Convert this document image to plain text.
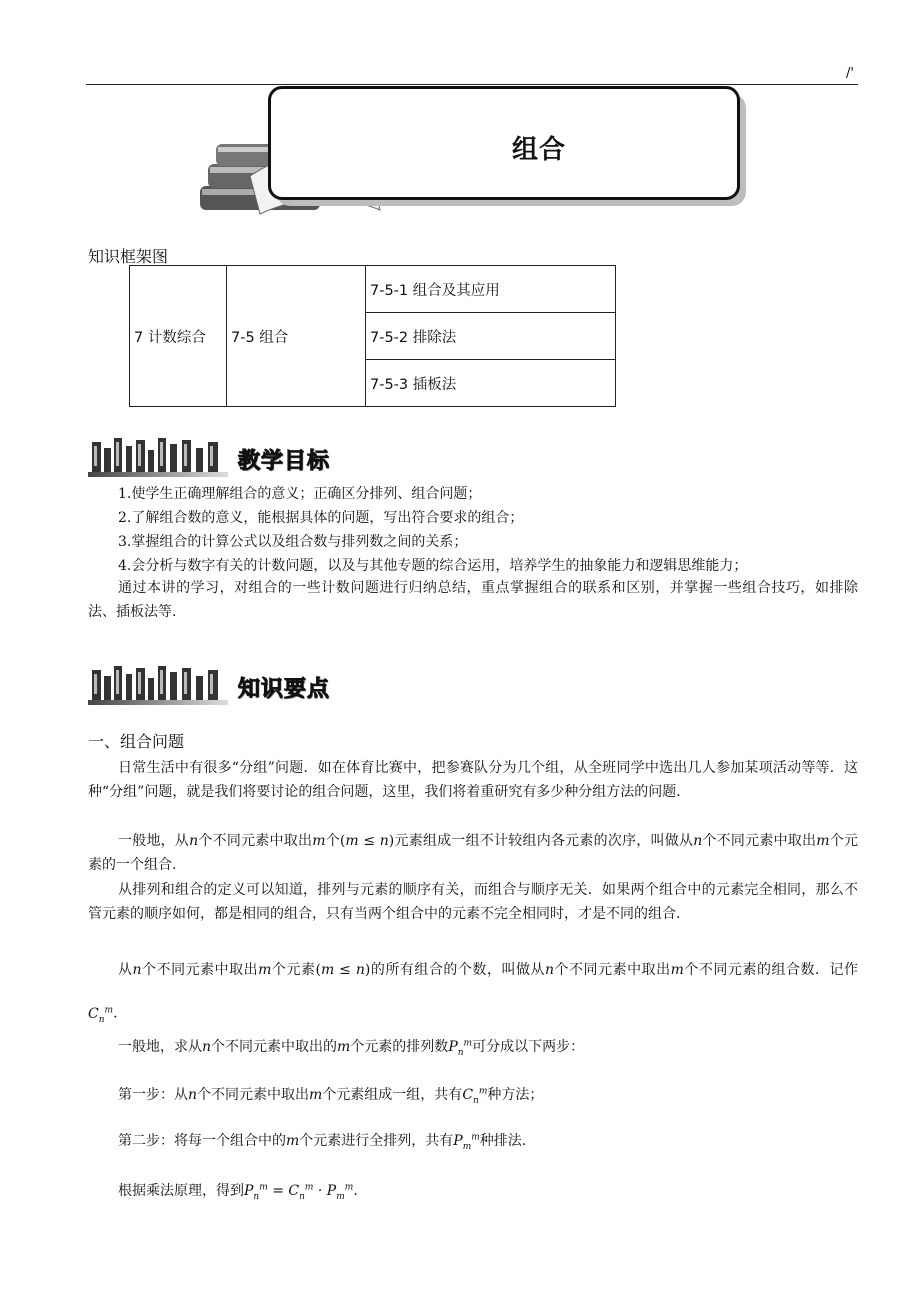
/'
组合
知识框架图
7 计数综合	7-5 组合	7-5-1 组合及其应用
7-5-2 排除法
7-5-3 插板法
教学目标
1.使学生正确理解组合的意义；正确区分排列、组合问题；
2.了解组合数的意义，能根据具体的问题，写出符合要求的组合；
3.掌握组合的计算公式以及组合数与排列数之间的关系；
4.会分析与数字有关的计数问题，以及与其他专题的综合运用，培养学生的抽象能力和逻辑思维能力；
通过本讲的学习，对组合的一些计数问题进行归纳总结，重点掌握组合的联系和区别，并掌握一些组合技巧，如排除法、插板法等.
知识要点
一、组合问题
日常生活中有很多“分组”问题．如在体育比赛中，把参赛队分为几个组，从全班同学中选出几人参加某项活动等等．这种“分组”问题，就是我们将要讨论的组合问题，这里，我们将着重研究有多少种分组方法的问题．
一般地，从n个不同元素中取出m个(m ≤ n)元素组成一组不计较组内各元素的次序，叫做从n个不同元素中取出m个元素的一个组合.
从排列和组合的定义可以知道，排列与元素的顺序有关，而组合与顺序无关．如果两个组合中的元素完全相同，那么不管元素的顺序如何，都是相同的组合，只有当两个组合中的元素不完全相同时，才是不同的组合．
从n个不同元素中取出m个元素(m ≤ n)的所有组合的个数，叫做从n个不同元素中取出m个不同元素的组合数．记作$C_n^m$.
一般地，求从n个不同元素中取出的m个元素的排列数$P_n^m$可分成以下两步：
第一步：从n个不同元素中取出m个元素组成一组，共有$C_n^m$种方法；
第二步：将每一个组合中的m个元素进行全排列，共有$P_m^m$种排法.
根据乘法原理，得到$P_n^m = C_n^m \cdot P_m^m$.
